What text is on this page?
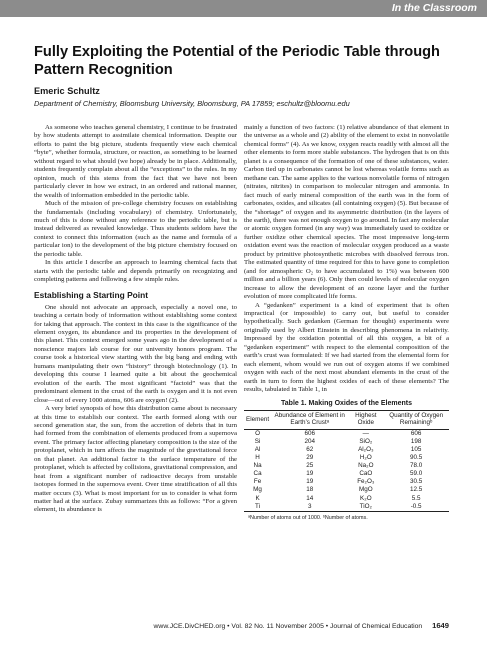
In the Classroom
Fully Exploiting the Potential of the Periodic Table through Pattern Recognition
Emeric Schultz
Department of Chemistry, Bloomsburg University, Bloomsburg, PA 17859; eschultz@bloomu.edu

As someone who teaches general chemistry, I continue to be frustrated by how students attempt to assimilate chemical information. Despite our efforts to paint the big picture, students frequently view each chemical “byte”, whether formula, structure, or reaction, as something to be learned without regard to what should (we hope) already be in place. Additionally, students frequently complain about all the “exceptions” to the rules. In my opinion, much of this stems from the fact that we have not been particularly clever in how we extract, in an ordered and rational manner, the wealth of information embedded in the periodic table.

Much of the mission of pre-college chemistry focuses on establishing the fundamentals (including vocabulary) of chemistry. Unfortunately, much of this is done without any reference to the periodic table, but is instead delivered as revealed knowledge. Thus students seldom have the context to connect this information (such as the name and formula of a particular ion) to the development of the big picture chemistry focused on the periodic table.

In this article I describe an approach to learning chemical facts that starts with the periodic table and depends primarily on recognizing and completing patterns and following a few simple rules.

Establishing a Starting Point

One should not advocate an approach, especially a novel one, to teaching a certain body of information without establishing some context for taking that approach. The context in this case is the significance of the element oxygen, its abundance and its properties in the development of this planet. This context emerged some years ago in the development of a nonscience majors lab course for our university honors program. The course took a historical view starting with the big bang and ending with humans manipulating their own “history” through biotechnology (1). In developing this course I learned quite a bit about the geochemical evolution of the earth. The most significant “factoid” was that the predominant element in the crust of the earth is oxygen and it is not even close—out of every 1000 atoms, 606 are oxygen! (2).

A very brief synopsis of how this distribution came about is necessary at this time to establish our context. The earth formed along with our second generation star, the sun, from the accretion of debris that in turn had formed from the combination of elements produced from a supernova event. The primary factor affecting planetary composition is the size of the protoplanet, which in turn affects the magnitude of the gravitational force on that planet. An additional factor is the surface temperature of the protoplanet, which is affected by collisions, gravitational compression, and heat from a significant number of radioactive decays from unstable isotopes formed in the supernova event. Over time stratification of all this matter occurs (3). What is most important for us to consider is what form matter had at the surface. Zubay summarizes this as follows: “For a given element, its abundance is

mainly a function of two factors: (1) relative abundance of that element in the universe as a whole and (2) ability of the element to exist in nonvolatile chemical forms” (4). As we know, oxygen reacts readily with almost all the other elements to form more stable substances. The hydrogen that is on this planet is a consequence of the formation of one of these substances, water. Carbon tied up in carbonates cannot be lost whereas volatile forms such as methane can. The same applies to the various nonvolatile forms of nitrogen (nitrates, nitrites) in comparison to molecular nitrogen and ammonia. In fact much of early mineral composition of the earth was in the form of carbonates, oxides, and silicates (all containing oxygen) (5). But because of the “shortage” of oxygen and its asymmetric distribution (in the layers of the earth), there was not enough oxygen to go around. In fact any molecular or atomic oxygen formed (in any way) was immediately used to oxidize or further oxidize other chemical species. The most impressive long-term oxidation event was the reaction of molecular oxygen produced as a waste product by primitive photosynthetic microbes with dissolved ferrous iron. The estimated quantity of time required for this to have gone to completion (and for atmospheric O₂ to have accumulated to 1%) was between 600 million and a billion years (6). Only then could levels of molecular oxygen increase to allow the development of an ozone layer and the further evolution of more complicated life forms.

A “gedanken” experiment is a kind of experiment that is often impractical (or impossible) to carry out, but useful to consider hypothetically. Such gedanken (German for thought) experiments were originally used by Albert Einstein in describing phenomena in relativity. Impressed by the oxidation potential of all this oxygen, a bit of a “gedanken experiment” with respect to the elemental composition of the earth’s crust was formulated: If we had started from the elemental form for each element, whom would we run out of oxygen atoms if we combined oxygen with each of the next most abundant elements in the crust of the earth in turn to form the highest oxides of each of these elements? The results, tabulated in Table 1, in

Table 1. Making Oxides of the Elements
Element	Abundance of Element in Earth’s Crustᵃ	Highest Oxide	Quantity of Oxygen Remainingᵇ
O	606	—	606
Si	204	SiO₂	198
Al	62	Al₂O₃	105
H	29	H₂O	90.5
Na	25	Na₂O	78.0
Ca	19	CaO	59.0
Fe	19	Fe₂O₃	30.5
Mg	18	MgO	12.5
K	14	K₂O	5.5
Ti	3	TiO₂	-0.5
ᵃNumber of atoms out of 1000. ᵇNumber of atoms.
www.JCE.DivCHED.org • Vol. 82 No. 11 November 2005 • Journal of Chemical Education 1649
